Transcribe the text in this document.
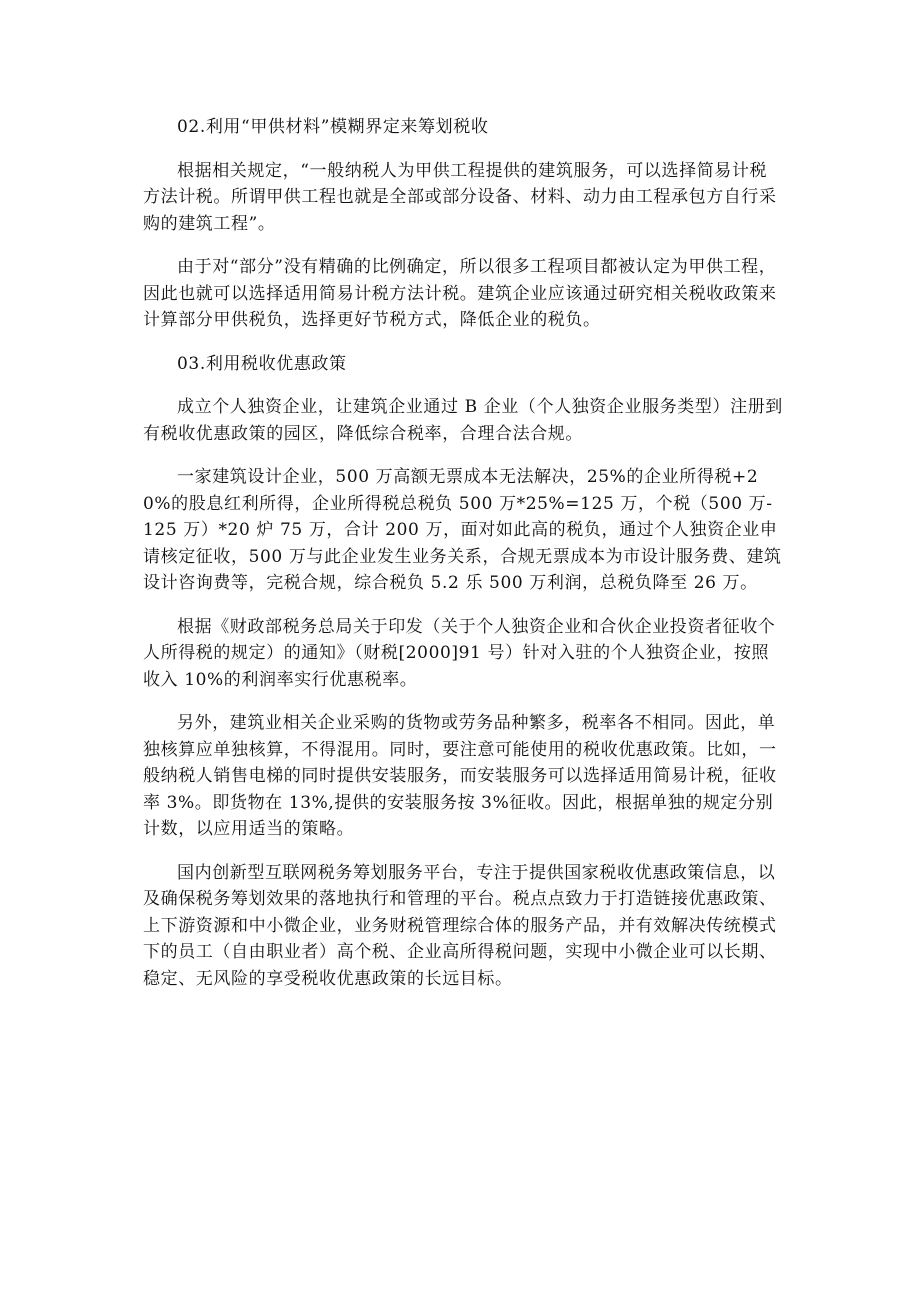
02.利用“甲供材料”模糊界定来筹划税收

根据相关规定，“一般纳税人为甲供工程提供的建筑服务，可以选择简易计税方法计税。所谓甲供工程也就是全部或部分设备、材料、动力由工程承包方自行采购的建筑工程”。

由于对“部分”没有精确的比例确定，所以很多工程项目都被认定为甲供工程，因此也就可以选择适用简易计税方法计税。建筑企业应该通过研究相关税收政策来计算部分甲供税负，选择更好节税方式，降低企业的税负。

03.利用税收优惠政策

成立个人独资企业，让建筑企业通过 B 企业（个人独资企业服务类型）注册到有税收优惠政策的园区，降低综合税率，合理合法合规。

一家建筑设计企业，500 万高额无票成本无法解决，25%的企业所得税+20%的股息红利所得，企业所得税总税负 500 万*25%=125 万，个税（500 万-125 万）*20 炉 75 万，合计 200 万，面对如此高的税负，通过个人独资企业申请核定征收，500 万与此企业发生业务关系，合规无票成本为市设计服务费、建筑设计咨询费等，完税合规，综合税负 5.2 乐 500 万利润，总税负降至 26 万。

根据《财政部税务总局关于印发（关于个人独资企业和合伙企业投资者征收个人所得税的规定）的通知》（财税[2000]91 号）针对入驻的个人独资企业，按照收入 10%的利润率实行优惠税率。

另外，建筑业相关企业采购的货物或劳务品种繁多，税率各不相同。因此，单独核算应单独核算，不得混用。同时，要注意可能使用的税收优惠政策。比如，一般纳税人销售电梯的同时提供安装服务，而安装服务可以选择适用简易计税，征收率 3%。即货物在 13%,提供的安装服务按 3%征收。因此，根据单独的规定分别计数，以应用适当的策略。

国内创新型互联网税务筹划服务平台，专注于提供国家税收优惠政策信息，以及确保税务筹划效果的落地执行和管理的平台。税点点致力于打造链接优惠政策、上下游资源和中小微企业，业务财税管理综合体的服务产品，并有效解决传统模式下的员工（自由职业者）高个税、企业高所得税问题，实现中小微企业可以长期、稳定、无风险的享受税收优惠政策的长远目标。
